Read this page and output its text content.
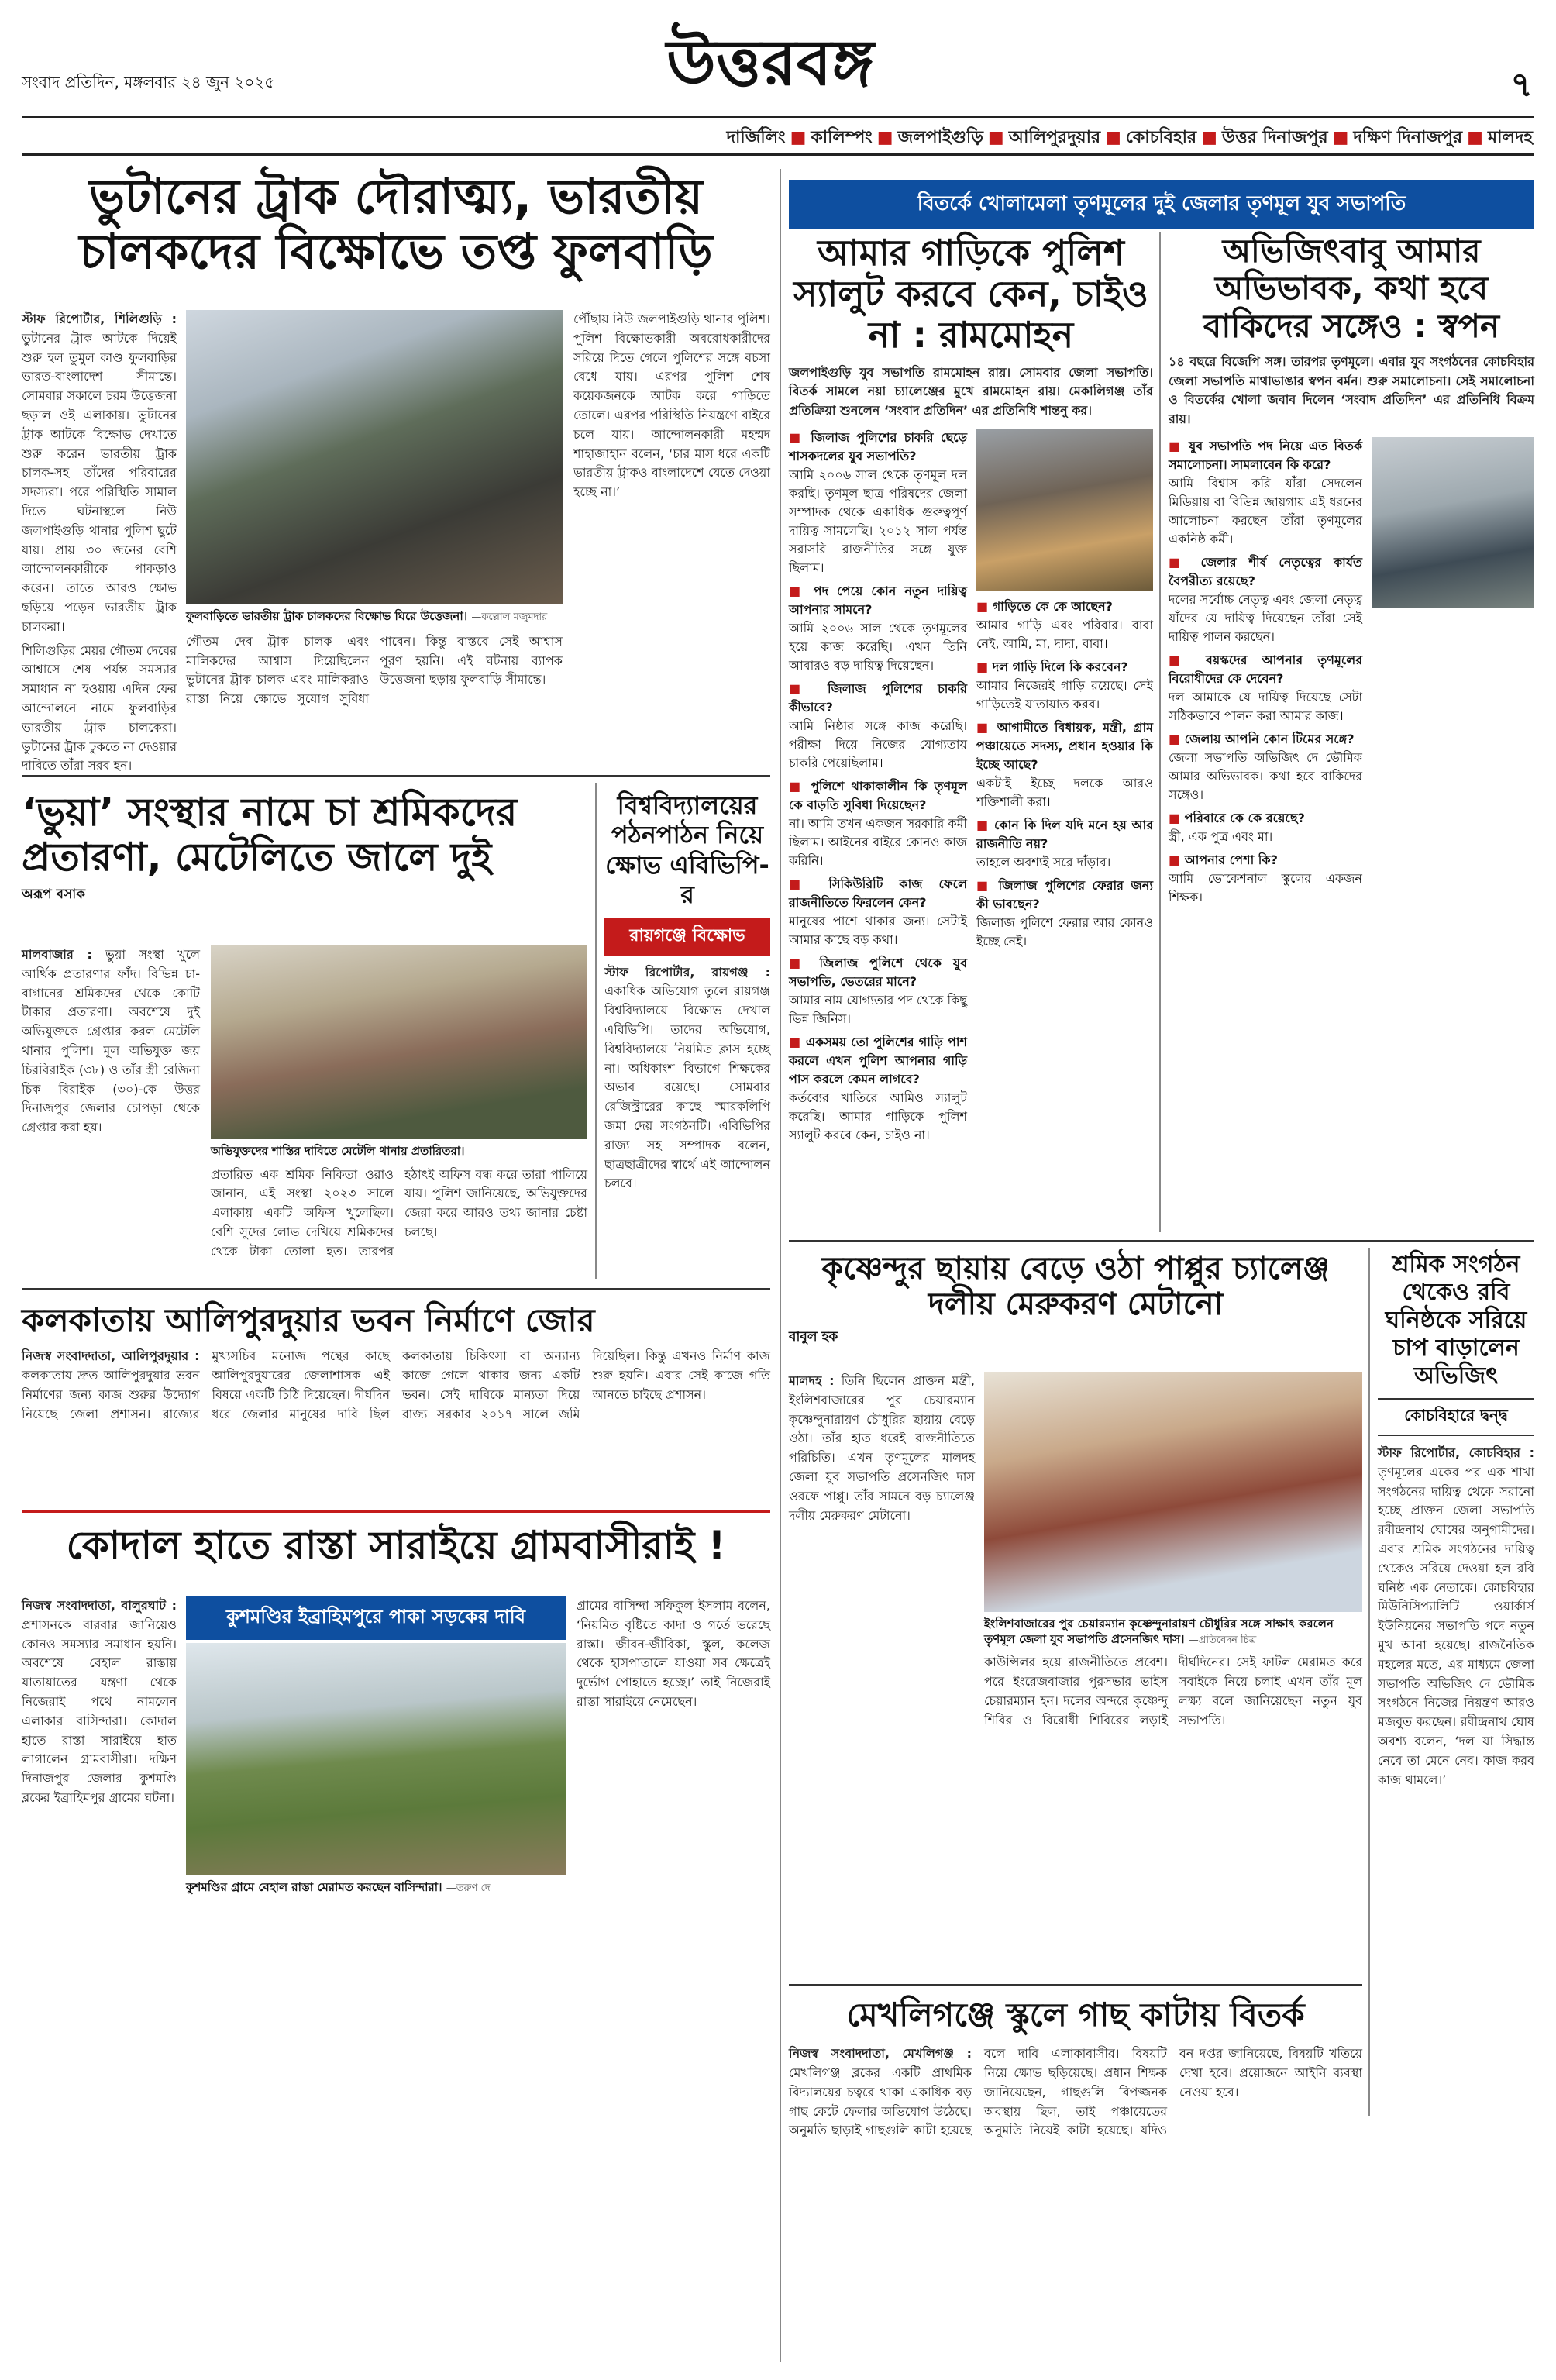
সংবাদ প্রতিদিন, মঙ্গলবার ২৪ জুন ২০২৫	উত্তরবঙ্গ	৭
দার্জিলিং ■ কালিম্পং ■ জলপাইগুড়ি ■ আলিপুরদুয়ার ■ কোচবিহার ■ উত্তর দিনাজপুর ■ দক্ষিণ দিনাজপুর ■ মালদহ
ভুটানের ট্রাক দৌরাত্ম্য, ভারতীয় চালকদের বিক্ষোভে তপ্ত ফুলবাড়ি

স্টাফ রিপোর্টার, শিলিগুড়ি : ভুটানের ট্রাক আটকে দিয়েই শুরু হল তুমুল কাণ্ড ফুলবাড়ির ভারত-বাংলাদেশ সীমান্তে। সোমবার সকালে চরম উত্তেজনা ছড়াল ওই এলাকায়। ভুটানের ট্রাক আটকে বিক্ষোভ দেখাতে শুরু করেন ভারতীয় ট্রাক চালক-সহ তাঁদের পরিবারের সদস্যরা। পরে পরিস্থিতি সামাল দিতে ঘটনাস্থলে নিউ জলপাইগুড়ি থানার পুলিশ ছুটে যায়। প্রায় ৩০ জনের বেশি আন্দোলনকারীকে পাকড়াও করেন। তাতে আরও ক্ষোভ ছড়িয়ে পড়েন ভারতীয় ট্রাক চালকরা।

শিলিগুড়ির মেয়র গৌতম দেবের আশ্বাসে শেষ পর্যন্ত সমস্যার সমাধান না হওয়ায় এদিন ফের আন্দোলনে নামে ফুলবাড়ির ভারতীয় ট্রাক চালকেরা। ভুটানের ট্রাক ঢুকতে না দেওয়ার দাবিতে তাঁরা সরব হন।

ফুলবাড়িতে ভারতীয় ট্রাক চালকদের বিক্ষোভ ঘিরে উত্তেজনা। —কল্লোল মজুমদার

গৌতম দেব ট্রাক চালক এবং মালিকদের আশ্বাস দিয়েছিলেন ভুটানের ট্রাক চালক এবং মালিকরাও রাস্তা নিয়ে ক্ষোভে সুযোগ সুবিধা পাবেন। কিন্তু বাস্তবে সেই আশ্বাস পূরণ হয়নি। এই ঘটনায় ব্যাপক উত্তেজনা ছড়ায় ফুলবাড়ি সীমান্তে।

পৌঁছায় নিউ জলপাইগুড়ি থানার পুলিশ। পুলিশ বিক্ষোভকারী অবরোধকারীদের সরিয়ে দিতে গেলে পুলিশের সঙ্গে বচসা বেধে যায়। এরপর পুলিশ শেষ কয়েকজনকে আটক করে গাড়িতে তোলে। এরপর পরিস্থিতি নিয়ন্ত্রণে বাইরে চলে যায়। আন্দোলনকারী মহম্মদ শাহাজাহান বলেন, ‘চার মাস ধরে একটি ভারতীয় ট্রাকও বাংলাদেশে যেতে দেওয়া হচ্ছে না।’

‘ভুয়া’ সংস্থার নামে চা শ্রমিকদের প্রতারণা, মেটেলিতে জালে দুই
অরূপ বসাক

মালবাজার : ভুয়া সংস্থা খুলে আর্থিক প্রতারণার ফাঁদ। বিভিন্ন চা-বাগানের শ্রমিকদের থেকে কোটি টাকার প্রতারণা। অবশেষে দুই অভিযুক্তকে গ্রেপ্তার করল মেটেলি থানার পুলিশ। মূল অভিযুক্ত জয় চিরবিরাইক (৩৮) ও তাঁর স্ত্রী রেজিনা চিক বিরাইক (৩০)-কে উত্তর দিনাজপুর জেলার চোপড়া থেকে গ্রেপ্তার করা হয়।

অভিযুক্তদের শাস্তির দাবিতে মেটেলি থানায় প্রতারিতরা।

প্রতারিত এক শ্রমিক নিকিতা ওরাও জানান, এই সংস্থা ২০২৩ সালে এলাকায় একটি অফিস খুলেছিল। বেশি সুদের লোভ দেখিয়ে শ্রমিকদের থেকে টাকা তোলা হত। তারপর হঠাৎই অফিস বন্ধ করে তারা পালিয়ে যায়। পুলিশ জানিয়েছে, অভিযুক্তদের জেরা করে আরও তথ্য জানার চেষ্টা চলছে।

বিশ্ববিদ্যালয়ের পঠনপাঠন নিয়ে ক্ষোভ এবিভিপি-র
রায়গঞ্জে বিক্ষোভ

স্টাফ রিপোর্টার, রায়গঞ্জ : একাধিক অভিযোগ তুলে রায়গঞ্জ বিশ্ববিদ্যালয়ে বিক্ষোভ দেখাল এবিভিপি। তাদের অভিযোগ, বিশ্ববিদ্যালয়ে নিয়মিত ক্লাস হচ্ছে না। অধিকাংশ বিভাগে শিক্ষকের অভাব রয়েছে। সোমবার রেজিস্ট্রারের কাছে স্মারকলিপি জমা দেয় সংগঠনটি। এবিভিপির রাজ্য সহ সম্পাদক বলেন, ছাত্রছাত্রীদের স্বার্থে এই আন্দোলন চলবে।

কলকাতায় আলিপুরদুয়ার ভবন নির্মাণে জোর

নিজস্ব সংবাদদাতা, আলিপুরদুয়ার : কলকাতায় দ্রুত আলিপুরদুয়ার ভবন নির্মাণের জন্য কাজ শুরুর উদ্যোগ নিয়েছে জেলা প্রশাসন। রাজ্যের মুখ্যসচিব মনোজ পন্থের কাছে আলিপুরদুয়ারের জেলাশাসক এই বিষয়ে একটি চিঠি দিয়েছেন। দীর্ঘদিন ধরে জেলার মানুষের দাবি ছিল কলকাতায় চিকিৎসা বা অন্যান্য কাজে গেলে থাকার জন্য একটি ভবন। সেই দাবিকে মান্যতা দিয়ে রাজ্য সরকার ২০১৭ সালে জমি দিয়েছিল। কিন্তু এখনও নির্মাণ কাজ শুরু হয়নি। এবার সেই কাজে গতি আনতে চাইছে প্রশাসন।

কোদাল হাতে রাস্তা সারাইয়ে গ্রামবাসীরাই !

নিজস্ব সংবাদদাতা, বালুরঘাট : প্রশাসনকে বারবার জানিয়েও কোনও সমস্যার সমাধান হয়নি। অবশেষে বেহাল রাস্তায় যাতায়াতের যন্ত্রণা থেকে নিজেরাই পথে নামলেন এলাকার বাসিন্দারা। কোদাল হাতে রাস্তা সারাইয়ে হাত লাগালেন গ্রামবাসীরা। দক্ষিণ দিনাজপুর জেলার কুশমণ্ডি ব্লকের ইব্রাহিমপুর গ্রামের ঘটনা।

কুশমণ্ডির ইব্রাহিমপুরে পাকা সড়কের দাবি
কুশমণ্ডির গ্রামে বেহাল রাস্তা মেরামত করছেন বাসিন্দারা। —তরুণ দে

গ্রামের বাসিন্দা সফিকুল ইসলাম বলেন, ‘নিয়মিত বৃষ্টিতে কাদা ও গর্তে ভরেছে রাস্তা। জীবন-জীবিকা, স্কুল, কলেজ থেকে হাসপাতালে যাওয়া সব ক্ষেত্রেই দুর্ভোগ পোহাতে হচ্ছে।’ তাই নিজেরাই রাস্তা সারাইয়ে নেমেছেন।

বিতর্কে খোলামেলা তৃণমূলের দুই জেলার তৃণমূল যুব সভাপতি
আমার গাড়িকে পুলিশ স্যালুট করবে কেন, চাইও না : রামমোহন

জলপাইগুড়ি যুব সভাপতি রামমোহন রায়। সোমবার জেলা সভাপতি। বিতর্ক সামলে নয়া চ্যালেঞ্জের মুখে রামমোহন রায়। মেকালিগঞ্জ তাঁর প্রতিক্রিয়া শুনলেন ‘সংবাদ প্রতিদিন’ এর প্রতিনিধি শান্তনু কর।

■ জিলাজ পুলিশের চাকরি ছেড়ে শাসকদলের যুব সভাপতি?
আমি ২০০৬ সাল থেকে তৃণমূল দল করছি। তৃণমূল ছাত্র পরিষদের জেলা সম্পাদক থেকে একাধিক গুরুত্বপূর্ণ দায়িত্ব সামলেছি। ২০১২ সাল পর্যন্ত সরাসরি রাজনীতির সঙ্গে যুক্ত ছিলাম।

■ পদ পেয়ে কোন নতুন দায়িত্ব আপনার সামনে?
আমি ২০০৬ সাল থেকে তৃণমূলের হয়ে কাজ করেছি। এখন তিনি আবারও বড় দায়িত্ব দিয়েছেন।

■ জিলাজ পুলিশের চাকরি কীভাবে?
আমি নিষ্ঠার সঙ্গে কাজ করেছি। পরীক্ষা দিয়ে নিজের যোগ্যতায় চাকরি পেয়েছিলাম।

■ পুলিশে থাকাকালীন কি তৃণমূল কে বাড়তি সুবিধা দিয়েছেন?
না। আমি তখন একজন সরকারি কর্মী ছিলাম। আইনের বাইরে কোনও কাজ করিনি।

■ সিকিউরিটি কাজ ফেলে রাজনীতিতে ফিরলেন কেন?
মানুষের পাশে থাকার জন্য। সেটাই আমার কাছে বড় কথা।

■ জিলাজ পুলিশে থেকে যুব সভাপতি, ভেতরের মানে?
আমার নাম যোগ্যতার পদ থেকে কিছু ভিন্ন জিনিস।

■ একসময় তো পুলিশের গাড়ি পাশ করলে এখন পুলিশ আপনার গাড়ি পাস করলে কেমন লাগবে?
কর্তব্যের খাতিরে আমিও স্যালুট করেছি। আমার গাড়িকে পুলিশ স্যালুট করবে কেন, চাইও না।

■ গাড়িতে কে কে আছেন?
আমার গাড়ি এবং পরিবার। বাবা নেই, আমি, মা, দাদা, বাবা।

■ দল গাড়ি দিলে কি করবেন?
আমার নিজেরই গাড়ি রয়েছে। সেই গাড়িতেই যাতায়াত করব।

■ আগামীতে বিধায়ক, মন্ত্রী, গ্রাম পঞ্চায়েতে সদস্য, প্রধান হওয়ার কি ইচ্ছে আছে?
একটাই ইচ্ছে দলকে আরও শক্তিশালী করা।

■ কোন কি দিল যদি মনে হয় আর রাজনীতি নয়?
তাহলে অবশ্যই সরে দাঁড়াব।

■ জিলাজ পুলিশের ফেরার জন্য কী ভাবছেন?
জিলাজ পুলিশে ফেরার আর কোনও ইচ্ছে নেই।

অভিজিৎবাবু আমার অভিভাবক, কথা হবে বাকিদের সঙ্গেও : স্বপন

১৪ বছরে বিজেপি সঙ্গ। তারপর তৃণমূলে। এবার যুব সংগঠনের কোচবিহার জেলা সভাপতি মাথাভাঙার স্বপন বর্মন। শুরু সমালোচনা। সেই সমালোচনা ও বিতর্কের খোলা জবাব দিলেন ‘সংবাদ প্রতিদিন’ এর প্রতিনিধি বিক্রম রায়।

■ যুব সভাপতি পদ নিয়ে এত বিতর্ক সমালোচনা। সামলাবেন কি করে?
আমি বিশ্বাস করি যাঁরা সেদলেন মিডিয়ায় বা বিভিন্ন জায়গায় এই ধরনের আলোচনা করছেন তাঁরা তৃণমূলের একনিষ্ঠ কর্মী।

■ জেলার শীর্ষ নেতৃত্বের কার্যত বৈপরীত্য রয়েছে?
দলের সর্বোচ্চ নেতৃত্ব এবং জেলা নেতৃত্ব যাঁদের যে দায়িত্ব দিয়েছেন তাঁরা সেই দায়িত্ব পালন করছেন।

■ বয়স্কদের আপনার তৃণমূলের বিরোধীদের কে দেবেন?
দল আমাকে যে দায়িত্ব দিয়েছে সেটা সঠিকভাবে পালন করা আমার কাজ।

■ জেলায় আপনি কোন টিমের সঙ্গে?
জেলা সভাপতি অভিজিৎ দে ভৌমিক আমার অভিভাবক। কথা হবে বাকিদের সঙ্গেও।

■ পরিবারে কে কে রয়েছে?
স্ত্রী, এক পুত্র এবং মা।

■ আপনার পেশা কি?
আমি ভোকেশনাল স্কুলের একজন শিক্ষক।

কৃষ্ণেন্দুর ছায়ায় বেড়ে ওঠা পাপ্পুর চ্যালেঞ্জ দলীয় মেরুকরণ মেটানো
বাবুল হক

মালদহ : তিনি ছিলেন প্রাক্তন মন্ত্রী, ইংলিশবাজারের পুর চেয়ারম্যান কৃষ্ণেন্দুনারায়ণ চৌধুরির ছায়ায় বেড়ে ওঠা। তাঁর হাত ধরেই রাজনীতিতে পরিচিতি। এখন তৃণমূলের মালদহ জেলা যুব সভাপতি প্রসেনজিৎ দাস ওরফে পাপ্পু। তাঁর সামনে বড় চ্যালেঞ্জ দলীয় মেরুকরণ মেটানো।

ইংলিশবাজারের পুর চেয়ারম্যান কৃষ্ণেন্দুনারায়ণ চৌধুরির সঙ্গে সাক্ষাৎ করলেন তৃণমূল জেলা যুব সভাপতি প্রসেনজিৎ দাস। —প্রতিবেদন চিত্র

কাউন্সিলর হয়ে রাজনীতিতে প্রবেশ। পরে ইংরেজবাজার পুরসভার ভাইস চেয়ারম্যান হন। দলের অন্দরে কৃষ্ণেন্দু শিবির ও বিরোধী শিবিরের লড়াই দীর্ঘদিনের। সেই ফাটল মেরামত করে সবাইকে নিয়ে চলাই এখন তাঁর মূল লক্ষ্য বলে জানিয়েছেন নতুন যুব সভাপতি।

শ্রমিক সংগঠন থেকেও রবি ঘনিষ্ঠকে সরিয়ে চাপ বাড়ালেন অভিজিৎ
কোচবিহারে দ্বন্দ্ব

স্টাফ রিপোর্টার, কোচবিহার : তৃণমূলের একের পর এক শাখা সংগঠনের দায়িত্ব থেকে সরানো হচ্ছে প্রাক্তন জেলা সভাপতি রবীন্দ্রনাথ ঘোষের অনুগামীদের। এবার শ্রমিক সংগঠনের দায়িত্ব থেকেও সরিয়ে দেওয়া হল রবি ঘনিষ্ঠ এক নেতাকে। কোচবিহার মিউনিসিপ্যালিটি ওয়ার্কার্স ইউনিয়নের সভাপতি পদে নতুন মুখ আনা হয়েছে। রাজনৈতিক মহলের মতে, এর মাধ্যমে জেলা সভাপতি অভিজিৎ দে ভৌমিক সংগঠনে নিজের নিয়ন্ত্রণ আরও মজবুত করছেন। রবীন্দ্রনাথ ঘোষ অবশ্য বলেন, ‘দল যা সিদ্ধান্ত নেবে তা মেনে নেব। কাজ করব কাজ থামলে।’

মেখলিগঞ্জে স্কুলে গাছ কাটায় বিতর্ক

নিজস্ব সংবাদদাতা, মেখলিগঞ্জ : মেখলিগঞ্জ ব্লকের একটি প্রাথমিক বিদ্যালয়ের চত্বরে থাকা একাধিক বড় গাছ কেটে ফেলার অভিযোগ উঠেছে। অনুমতি ছাড়াই গাছগুলি কাটা হয়েছে বলে দাবি এলাকাবাসীর। বিষয়টি নিয়ে ক্ষোভ ছড়িয়েছে। প্রধান শিক্ষক জানিয়েছেন, গাছগুলি বিপজ্জনক অবস্থায় ছিল, তাই পঞ্চায়েতের অনুমতি নিয়েই কাটা হয়েছে। যদিও বন দপ্তর জানিয়েছে, বিষয়টি খতিয়ে দেখা হবে। প্রয়োজনে আইনি ব্যবস্থা নেওয়া হবে।
